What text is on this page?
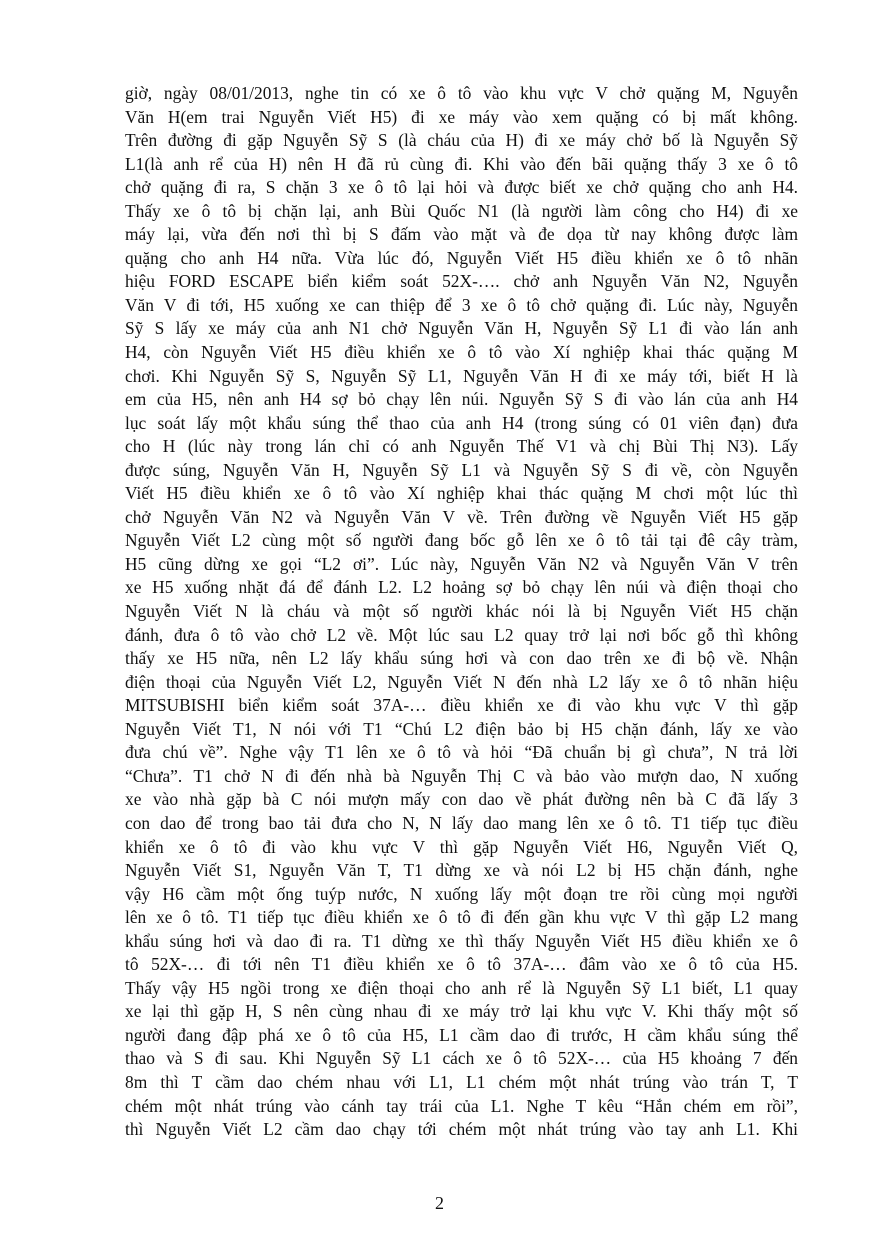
giờ, ngày 08/01/2013, nghe tin có xe ô tô vào khu vực V chở quặng M, Nguyễn
Văn H(em trai Nguyễn Viết H5) đi xe máy vào xem quặng có bị mất không.
Trên đường đi gặp Nguyễn Sỹ S (là cháu của H) đi xe máy chở bố là Nguyễn Sỹ
L1(là anh rể của H) nên H đã rủ cùng đi. Khi vào đến bãi quặng thấy 3 xe ô tô
chở quặng đi ra, S chặn 3 xe ô tô lại hỏi và được biết xe chở quặng cho anh H4.
Thấy xe ô tô bị chặn lại, anh Bùi Quốc N1 (là người làm công cho H4) đi xe
máy lại, vừa đến nơi thì bị S đấm vào mặt và đe dọa từ nay không được làm
quặng cho anh H4 nữa. Vừa lúc đó, Nguyễn Viết H5 điều khiển xe ô tô nhãn
hiệu FORD ESCAPE biển kiểm soát 52X-…. chở anh Nguyễn Văn N2, Nguyễn
Văn V đi tới, H5 xuống xe can thiệp để 3 xe ô tô chở quặng đi. Lúc này, Nguyễn
Sỹ S lấy xe máy của anh N1 chở Nguyễn Văn H, Nguyễn Sỹ L1 đi vào lán anh
H4, còn Nguyễn Viết H5 điều khiển xe ô tô vào Xí nghiệp khai thác quặng M
chơi. Khi Nguyễn Sỹ S, Nguyễn Sỹ L1, Nguyễn Văn H đi xe máy tới, biết H là
em của H5, nên anh H4 sợ bỏ chạy lên núi. Nguyễn Sỹ S đi vào lán của anh H4
lục soát lấy một khẩu súng thể thao của anh H4 (trong súng có 01 viên đạn) đưa
cho H (lúc này trong lán chỉ có anh Nguyễn Thế V1 và chị Bùi Thị N3). Lấy
được súng, Nguyễn Văn H, Nguyễn Sỹ L1 và Nguyễn Sỹ S đi về, còn Nguyễn
Viết H5 điều khiển xe ô tô vào Xí nghiệp khai thác quặng M chơi một lúc thì
chở Nguyễn Văn N2 và Nguyễn Văn V về. Trên đường về Nguyễn Viết H5 gặp
Nguyễn Viết L2 cùng một số người đang bốc gỗ lên xe ô tô tải tại đê cây tràm,
H5 cũng dừng xe gọi “L2 ơi”. Lúc này, Nguyễn Văn N2 và Nguyễn Văn V trên
xe H5 xuống nhặt đá để đánh L2. L2 hoảng sợ bỏ chạy lên núi và điện thoại cho
Nguyễn Viết N là cháu và một số người khác nói là bị Nguyễn Viết H5 chặn
đánh, đưa ô tô vào chở L2 về. Một lúc sau L2 quay trở lại nơi bốc gỗ thì không
thấy xe H5 nữa, nên L2 lấy khẩu súng hơi và con dao trên xe đi bộ về. Nhận
điện thoại của Nguyễn Viết L2, Nguyễn Viết N đến nhà L2 lấy xe ô tô nhãn hiệu
MITSUBISHI biển kiểm soát 37A-… điều khiển xe đi vào khu vực V thì gặp
Nguyễn Viết T1, N nói với T1 “Chú L2 điện bảo bị H5 chặn đánh, lấy xe vào
đưa chú về”. Nghe vậy T1 lên xe ô tô và hỏi “Đã chuẩn bị gì chưa”, N trả lời
“Chưa”. T1 chở N đi đến nhà bà Nguyễn Thị C và bảo vào mượn dao, N xuống
xe vào nhà gặp bà C nói mượn mấy con dao về phát đường nên bà C đã lấy 3
con dao để trong bao tải đưa cho N, N lấy dao mang lên xe ô tô. T1 tiếp tục điều
khiển xe ô tô đi vào khu vực V thì gặp Nguyễn Viết H6, Nguyễn Viết Q,
Nguyễn Viết S1, Nguyễn Văn T, T1 dừng xe và nói L2 bị H5 chặn đánh, nghe
vậy H6 cầm một ống tuýp nước, N xuống lấy một đoạn tre rồi cùng mọi người
lên xe ô tô. T1 tiếp tục điều khiển xe ô tô đi đến gần khu vực V thì gặp L2 mang
khẩu súng hơi và dao đi ra. T1 dừng xe thì thấy Nguyễn Viết H5 điều khiển xe ô
tô 52X-… đi tới nên T1 điều khiển xe ô tô 37A-… đâm vào xe ô tô của H5.
Thấy vậy H5 ngồi trong xe điện thoại cho anh rể là Nguyễn Sỹ L1 biết, L1 quay
xe lại thì gặp H, S nên cùng nhau đi xe máy trở lại khu vực V. Khi thấy một số
người đang đập phá xe ô tô của H5, L1 cầm dao đi trước, H cầm khẩu súng thể
thao và S đi sau. Khi Nguyễn Sỹ L1 cách xe ô tô 52X-… của H5 khoảng 7 đến
8m thì T cầm dao chém nhau với L1, L1 chém một nhát trúng vào trán T, T
chém một nhát trúng vào cánh tay trái của L1. Nghe T kêu “Hắn chém em rồi”,
thì Nguyễn Viết L2 cầm dao chạy tới chém một nhát trúng vào tay anh L1. Khi
2
